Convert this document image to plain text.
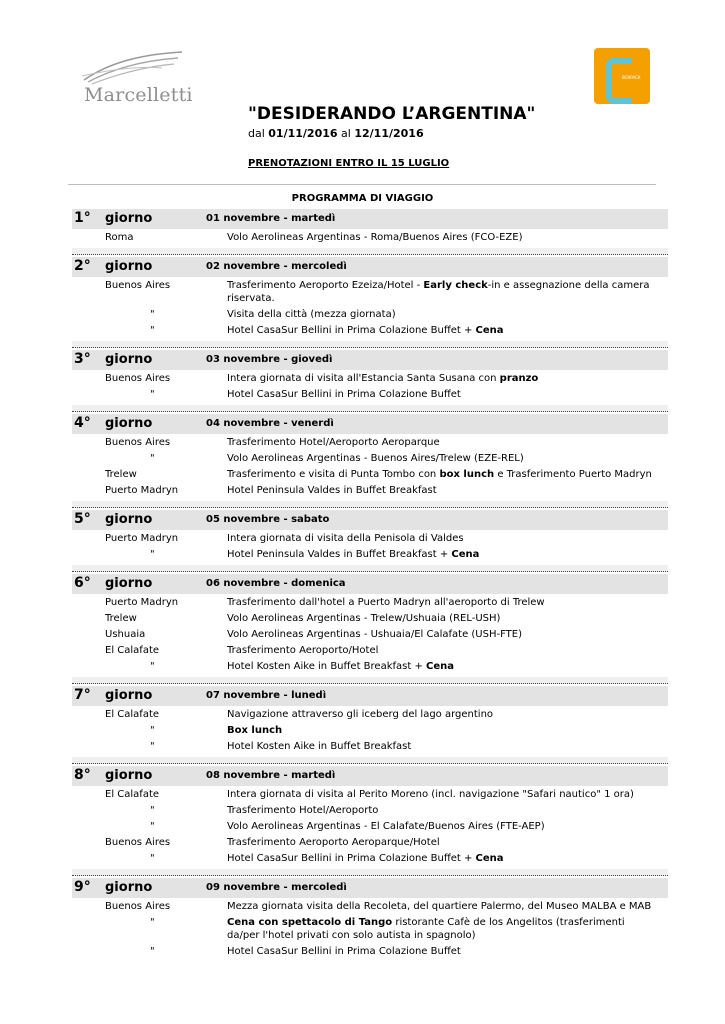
Marcelletti
BOXPACK
"DESIDERANDO L’ARGENTINA"
dal 01/11/2016 al 12/11/2016
PRENOTAZIONI ENTRO IL 15 LUGLIO
PROGRAMMA DI VIAGGIO
1° giorno	01 novembre - martedì
Roma	Volo Aerolineas Argentinas - Roma/Buenos Aires (FCO-EZE)
2° giorno	02 novembre - mercoledì
Buenos Aires	Trasferimento Aeroporto Ezeiza/Hotel - Early check-in e assegnazione della camera riservata.
"	Visita della città (mezza giornata)
"	Hotel CasaSur Bellini in Prima Colazione Buffet + Cena
3° giorno	03 novembre - giovedì
Buenos Aires	Intera giornata di visita all'Estancia Santa Susana con pranzo
"	Hotel CasaSur Bellini in Prima Colazione Buffet
4° giorno	04 novembre - venerdì
Buenos Aires	Trasferimento Hotel/Aeroporto Aeroparque
"	Volo Aerolineas Argentinas - Buenos Aires/Trelew (EZE-REL)
Trelew	Trasferimento e visita di Punta Tombo con box lunch e Trasferimento Puerto Madryn
Puerto Madryn	Hotel Peninsula Valdes in Buffet Breakfast
5° giorno	05 novembre - sabato
Puerto Madryn	Intera giornata di visita della Penisola di Valdes
"	Hotel Peninsula Valdes in Buffet Breakfast + Cena
6° giorno	06 novembre - domenica
Puerto Madryn	Trasferimento dall'hotel a Puerto Madryn all'aeroporto di Trelew
Trelew	Volo Aerolineas Argentinas - Trelew/Ushuaia (REL-USH)
Ushuaia	Volo Aerolineas Argentinas - Ushuaia/El Calafate (USH-FTE)
El Calafate	Trasferimento Aeroporto/Hotel
"	Hotel Kosten Aike in Buffet Breakfast + Cena
7° giorno	07 novembre - lunedì
El Calafate	Navigazione attraverso gli iceberg del lago argentino
"	Box lunch
"	Hotel Kosten Aike in Buffet Breakfast
8° giorno	08 novembre - martedì
El Calafate	Intera giornata di visita al Perito Moreno (incl. navigazione "Safari nautico" 1 ora)
"	Trasferimento Hotel/Aeroporto
"	Volo Aerolineas Argentinas - El Calafate/Buenos Aires (FTE-AEP)
Buenos Aires	Trasferimento Aeroporto Aeroparque/Hotel
"	Hotel CasaSur Bellini in Prima Colazione Buffet + Cena
9° giorno	09 novembre - mercoledì
Buenos Aires	Mezza giornata visita della Recoleta, del quartiere Palermo, del Museo MALBA e MAB
"	Cena con spettacolo di Tango ristorante Cafè de los Angelitos (trasferimenti da/per l'hotel privati con solo autista in spagnolo)
"	Hotel CasaSur Bellini in Prima Colazione Buffet
